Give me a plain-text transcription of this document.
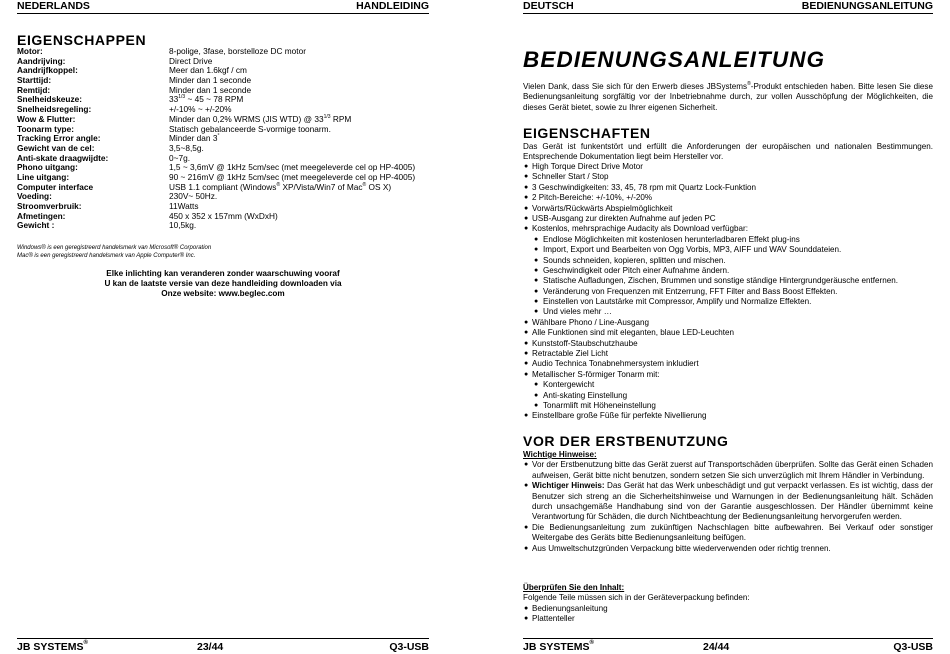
NEDERLANDS	HANDLEIDING
EIGENSCHAPPEN
Motor:	8-polige, 3fase, borstelloze DC motor
Aandrijving:	Direct Drive
Aandrijfkoppel:	Meer dan 1.6kgf / cm
Starttijd:	Minder dan 1 seconde
Remtijd:	Minder dan 1 seconde
Snelheidskeuze:	$33^{1/3}$ ~ 45 ~ 78 RPM
Snelheidsregeling:	+/-10% ~ +/-20%
Wow & Flutter:	Minder dan 0,2% WRMS (JIS WTD) @ $33^{1/3}$ RPM
Toonarm type:	Statisch gebalanceerde S-vormige toonarm.
Tracking Error angle:	Minder dan 3°
Gewicht van de cel:	3,5~8,5g.
Anti-skate draagwijdte:	0~7g.
Phono uitgang:	1,5 ~ 3,6mV @ 1kHz 5cm/sec (met meegeleverde cel op HP-4005)
Line uitgang:	90 ~ 216mV @ 1kHz 5cm/sec (met meegeleverde cel op HP-4005)
Computer interface	USB 1.1 compliant (Windows® XP/Vista/Win7 of Mac® OS X)
Voeding:	230V~ 50Hz.
Stroomverbruik:	11Watts
Afmetingen:	450 x 352 x 157mm (WxDxH)
Gewicht :	10,5kg.
Windows® is een geregistreerd handelsmerk van Microsoft® Corporation
Mac® is een geregistreerd handelsmerk van Apple Computer® Inc.
Elke inlichting kan veranderen zonder waarschuwing vooraf
U kan de laatste versie van deze handleiding downloaden via
Onze website: www.beglec.com
JB SYSTEMS®	23/44	Q3-USB
DEUTSCH	BEDIENUNGSANLEITUNG
BEDIENUNGSANLEITUNG
Vielen Dank, dass Sie sich für den Erwerb dieses JBSystems®-Produkt entschieden haben. Bitte lesen Sie diese Bedienungsanleitung sorgfältig vor der Inbetriebnahme durch, zur vollen Ausschöpfung der Möglichkeiten, die dieses Gerät bietet, sowie zu Ihrer eigenen Sicherheit.
EIGENSCHAFTEN
Das Gerät ist funkentstört und erfüllt die Anforderungen der europäischen und nationalen Bestimmungen. Entsprechende Dokumentation liegt beim Hersteller vor.
● High Torque Direct Drive Motor
● Schneller Start / Stop
● 3 Geschwindigkeiten: 33, 45, 78 rpm mit Quartz Lock-Funktion
● 2 Pitch-Bereiche: +/-10%, +/-20%
● Vorwärts/Rückwärts Abspielmöglichkeit
● USB-Ausgang zur direkten Aufnahme auf jeden PC
● Kostenlos, mehrsprachige Audacity als Download verfügbar:
● Endlose Möglichkeiten mit kostenlosen herunterladbaren Effekt plug-ins
● Import, Export und Bearbeiten von Ogg Vorbis, MP3, AIFF und WAV Sounddateien.
● Sounds schneiden, kopieren, splitten und mischen.
● Geschwindigkeit oder Pitch einer Aufnahme ändern.
● Statische Aufladungen, Zischen, Brummen und sonstige ständige Hintergrundgeräusche entfernen.
● Veränderung von Frequenzen mit Entzerrung, FFT Filter and Bass Boost Effekten.
● Einstellen von Lautstärke mit Compressor, Amplify und Normalize Effekten.
● Und vieles mehr …
● Wählbare Phono / Line-Ausgang
● Alle Funktionen sind mit eleganten, blaue LED-Leuchten
● Kunststoff-Staubschutzhaube
● Retractable Ziel Licht
● Audio Technica Tonabnehmersystem inkludiert
● Metallischer S-förmiger Tonarm mit:
● Kontergewicht
● Anti-skating Einstellung
● Tonarmlift mit Höheneinstellung
● Einstellbare große Füße für perfekte Nivellierung
VOR DER ERSTBENUTZUNG
Wichtige Hinweise:
● Vor der Erstbenutzung bitte das Gerät zuerst auf Transportschäden überprüfen. Sollte das Gerät einen Schaden aufweisen, Gerät bitte nicht benutzen, sondern setzen Sie sich unverzüglich mit Ihrem Händler in Verbindung.
● Wichtiger Hinweis: Das Gerät hat das Werk unbeschädigt und gut verpackt verlassen. Es ist wichtig, dass der Benutzer sich streng an die Sicherheitshinweise und Warnungen in der Bedienungsanleitung hält. Schäden durch unsachgemäße Handhabung sind von der Garantie ausgeschlossen. Der Händler übernimmt keine Verantwortung für Schäden, die durch Nichtbeachtung der Bedienungsanleitung hervorgerufen werden.
● Die Bedienungsanleitung zum zukünftigen Nachschlagen bitte aufbewahren. Bei Verkauf oder sonstiger Weitergabe des Geräts bitte Bedienungsanleitung beifügen.
● Aus Umweltschutzgründen Verpackung bitte wiederverwenden oder richtig trennen.
Überprüfen Sie den Inhalt:
Folgende Teile müssen sich in der Geräteverpackung befinden:
● Bedienungsanleitung
● Plattenteller
JB SYSTEMS®	24/44	Q3-USB
